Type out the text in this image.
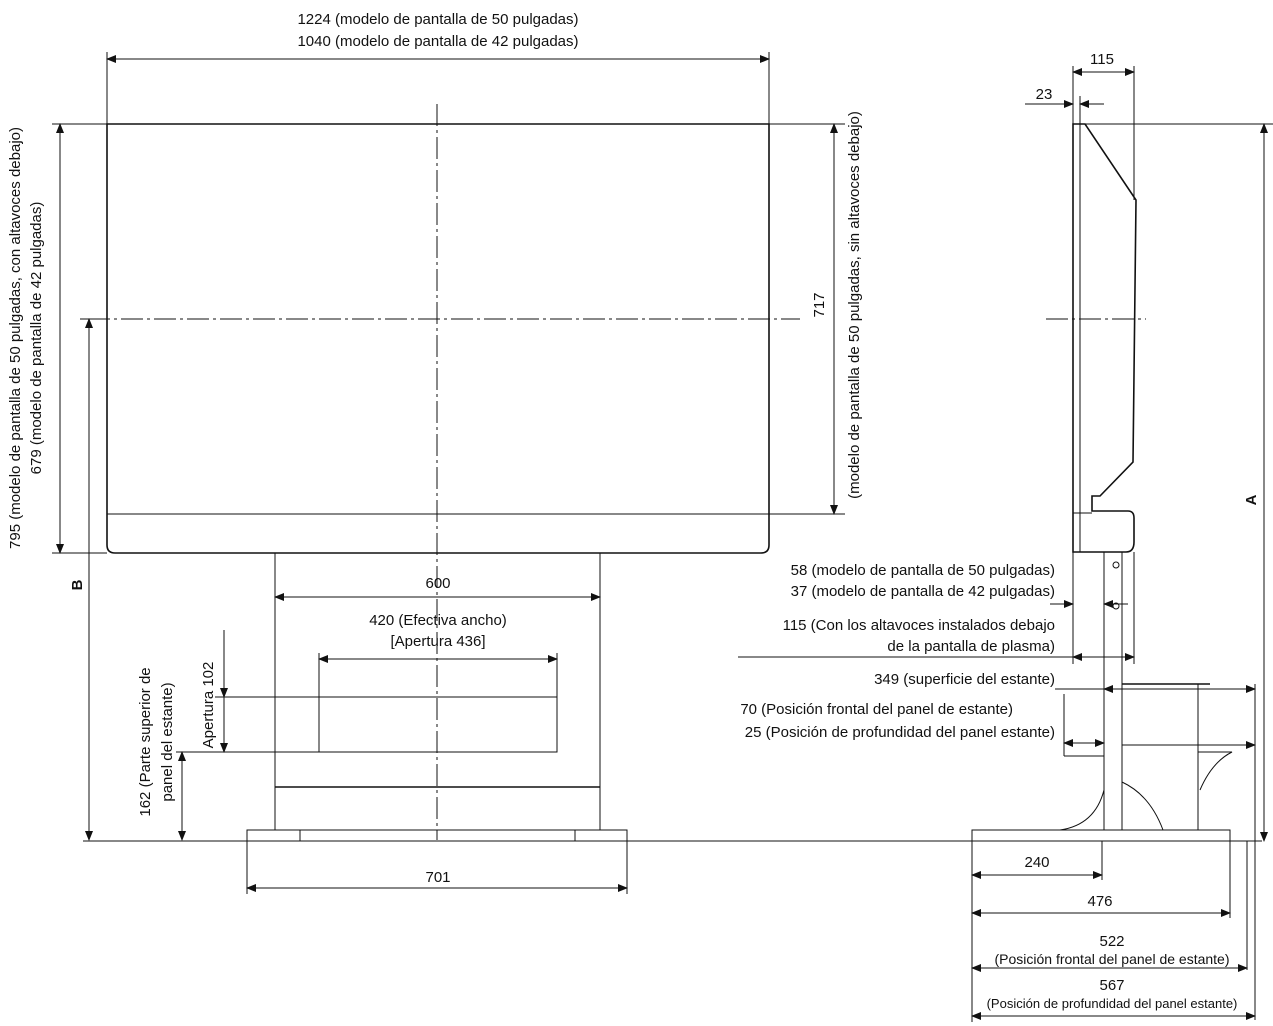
1224 (modelo de pantalla de 50 pulgadas)
1040 (modelo de pantalla de 42 pulgadas)
795 (modelo de pantalla de 50 pulgadas, con altavoces debajo) 679 (modelo de pantalla de 42 pulgadas)	717 (modelo de pantalla de 50 pulgadas, sin altavoces debajo)
B	600
420 (Efectiva ancho)
[Apertura 436]
Apertura 102
162 (Parte superior de panel del estante)
701
115
23
A
58 (modelo de pantalla de 50 pulgadas)
37 (modelo de pantalla de 42 pulgadas)
115 (Con los altavoces instalados debajo
de la pantalla de plasma)
349 (superficie del estante)
70 (Posición frontal del panel de estante)
25 (Posición de profundidad del panel estante)
240
476
522
(Posición frontal del panel de estante)
567
(Posición de profundidad del panel estante)
